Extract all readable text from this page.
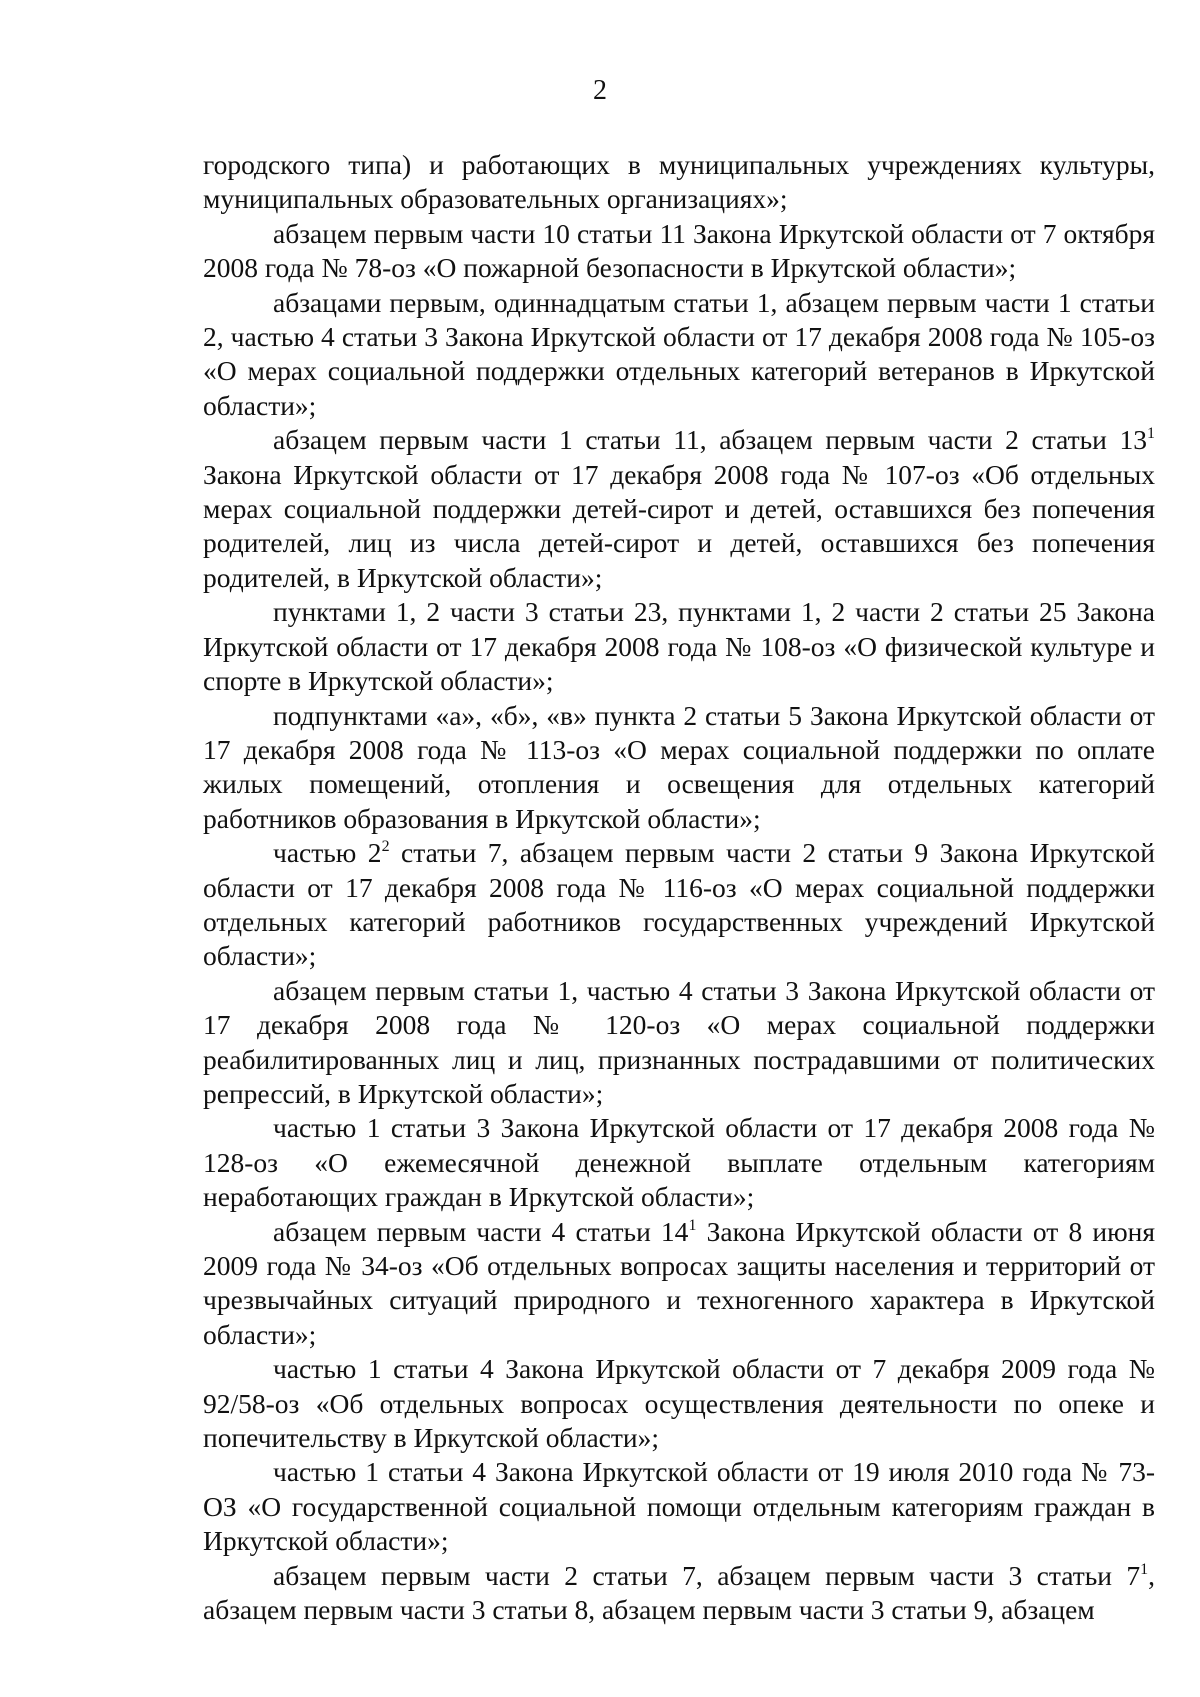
2

городского типа) и работающих в муниципальных учреждениях культуры, муниципальных образовательных организациях»;

абзацем первым части 10 статьи 11 Закона Иркутской области от 7 октября 2008 года № 78-оз «О пожарной безопасности в Иркутской области»;

абзацами первым, одиннадцатым статьи 1, абзацем первым части 1 статьи 2, частью 4 статьи 3 Закона Иркутской области от 17 декабря 2008 года № 105-оз «О мерах социальной поддержки отдельных категорий ветеранов в Иркутской области»;

абзацем первым части 1 статьи 11, абзацем первым части 2 статьи $13^1$ Закона Иркутской области от 17 декабря 2008 года № 107-оз «Об отдельных мерах социальной поддержки детей-сирот и детей, оставшихся без попечения родителей, лиц из числа детей-сирот и детей, оставшихся без попечения родителей, в Иркутской области»;

пунктами 1, 2 части 3 статьи 23, пунктами 1, 2 части 2 статьи 25 Закона Иркутской области от 17 декабря 2008 года № 108-оз «О физической культуре и спорте в Иркутской области»;

подпунктами «а», «б», «в» пункта 2 статьи 5 Закона Иркутской области от 17 декабря 2008 года № 113-оз «О мерах социальной поддержки по оплате жилых помещений, отопления и освещения для отдельных категорий работников образования в Иркутской области»;

частью $2^2$ статьи 7, абзацем первым части 2 статьи 9 Закона Иркутской области от 17 декабря 2008 года № 116-оз «О мерах социальной поддержки отдельных категорий работников государственных учреждений Иркутской области»;

абзацем первым статьи 1, частью 4 статьи 3 Закона Иркутской области от 17 декабря 2008 года № 120-оз «О мерах социальной поддержки реабилитированных лиц и лиц, признанных пострадавшими от политических репрессий, в Иркутской области»;

частью 1 статьи 3 Закона Иркутской области от 17 декабря 2008 года № 128-оз «О ежемесячной денежной выплате отдельным категориям неработающих граждан в Иркутской области»;

абзацем первым части 4 статьи $14^1$ Закона Иркутской области от 8 июня 2009 года № 34-оз «Об отдельных вопросах защиты населения и территорий от чрезвычайных ситуаций природного и техногенного характера в Иркутской области»;

частью 1 статьи 4 Закона Иркутской области от 7 декабря 2009 года № 92/58-оз «Об отдельных вопросах осуществления деятельности по опеке и попечительству в Иркутской области»;

частью 1 статьи 4 Закона Иркутской области от 19 июля 2010 года № 73-ОЗ «О государственной социальной помощи отдельным категориям граждан в Иркутской области»;

абзацем первым части 2 статьи 7, абзацем первым части 3 статьи $7^1$, абзацем первым части 3 статьи 8, абзацем первым части 3 статьи 9, абзацем
